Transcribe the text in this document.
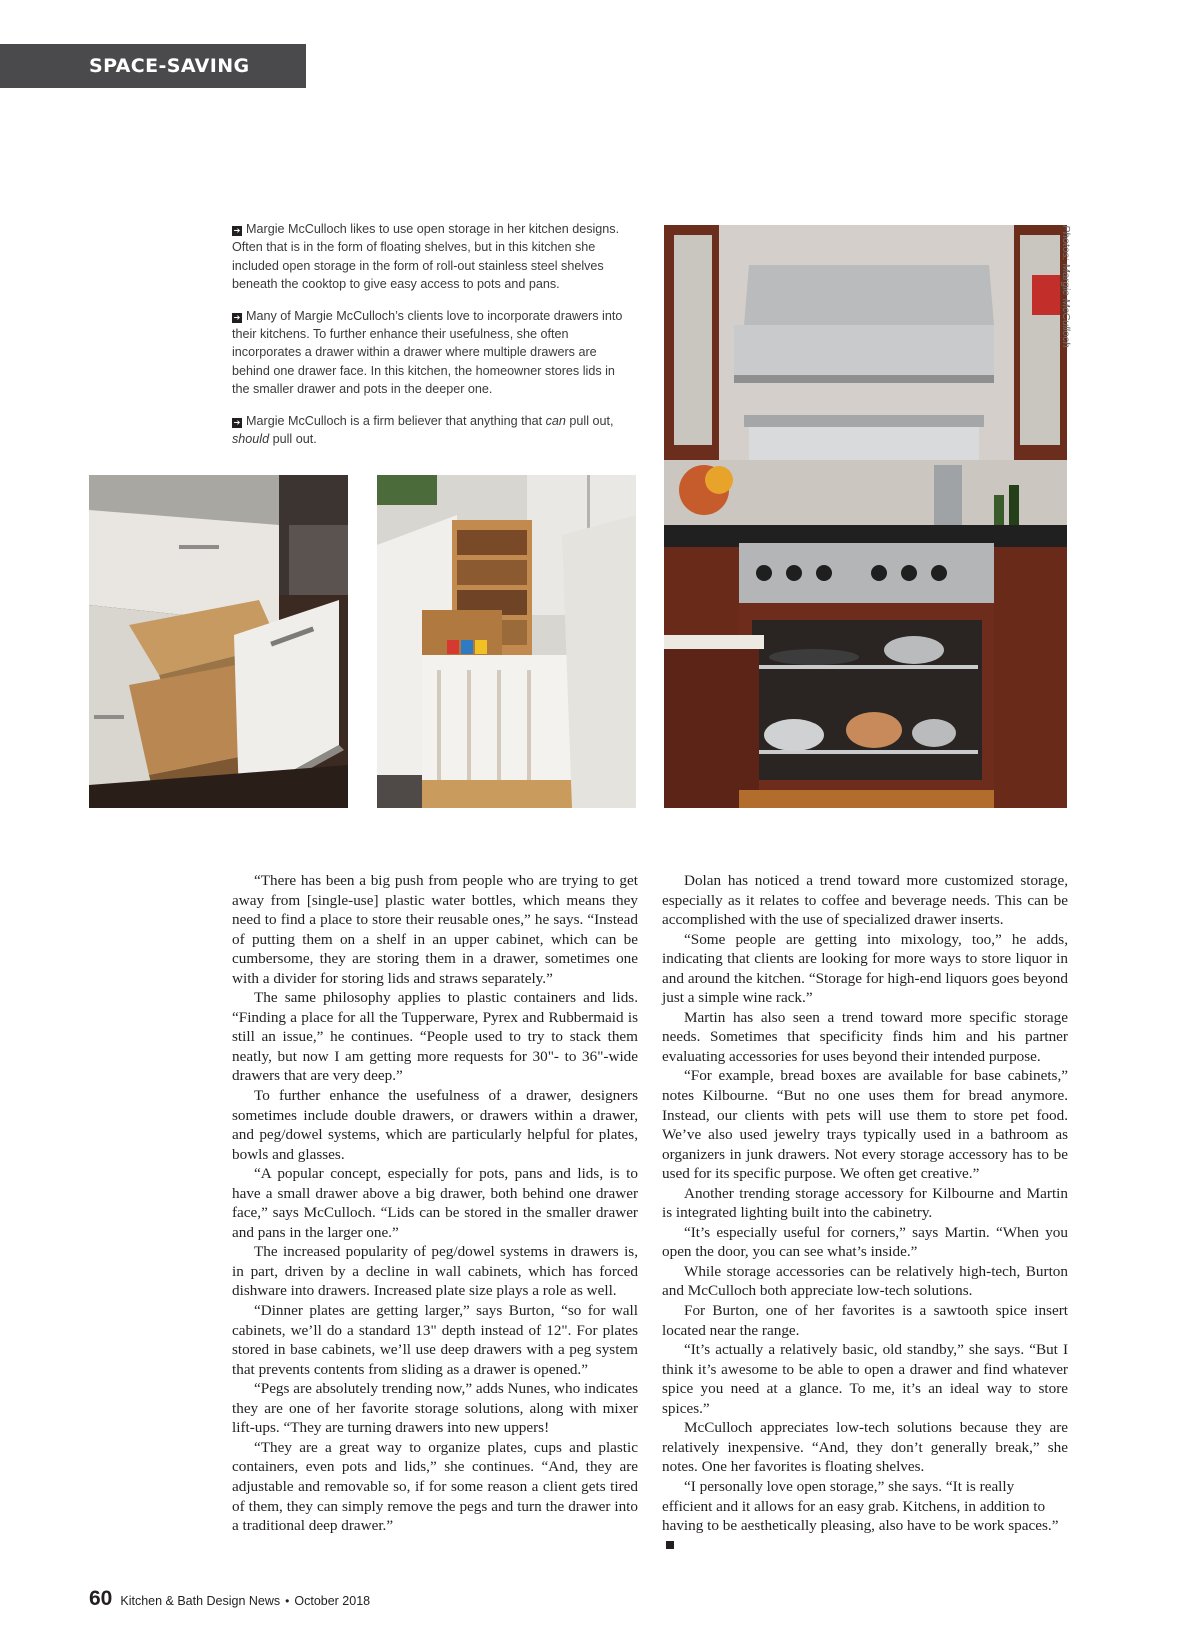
SPACE-SAVING IDEAS

➔ Margie McCulloch likes to use open storage in her kitchen designs. Often that is in the form of floating shelves, but in this kitchen she included open storage in the form of roll-out stainless steel shelves beneath the cooktop to give easy access to pots and pans.

➔ Many of Margie McCulloch’s clients love to incorporate drawers into their kitchens. To further enhance their usefulness, she often incorporates a drawer within a drawer where multiple drawers are behind one drawer face. In this kitchen, the homeowner stores lids in the smaller drawer and pots in the deeper one.

➔ Margie McCulloch is a firm believer that anything that can pull out, should pull out.

Photos: Margie McCulloch

“There has been a big push from people who are trying to get away from [single-use] plastic water bottles, which means they need to find a place to store their reusable ones,” he says. “Instead of putting them on a shelf in an upper cabinet, which can be cumbersome, they are storing them in a drawer, sometimes one with a divider for storing lids and straws separately.”

The same philosophy applies to plastic containers and lids. “Finding a place for all the Tupperware, Pyrex and Rubbermaid is still an issue,” he continues. “People used to try to stack them neatly, but now I am getting more requests for 30"- to 36"-wide drawers that are very deep.”

To further enhance the usefulness of a drawer, designers sometimes include double drawers, or drawers within a drawer, and peg/dowel systems, which are particularly helpful for plates, bowls and glasses.

“A popular concept, especially for pots, pans and lids, is to have a small drawer above a big drawer, both behind one drawer face,” says McCulloch. “Lids can be stored in the smaller drawer and pans in the larger one.”

The increased popularity of peg/dowel systems in drawers is, in part, driven by a decline in wall cabinets, which has forced dishware into drawers. Increased plate size plays a role as well.

“Dinner plates are getting larger,” says Burton, “so for wall cabinets, we’ll do a standard 13" depth instead of 12". For plates stored in base cabinets, we’ll use deep drawers with a peg system that prevents contents from sliding as a drawer is opened.”

“Pegs are absolutely trending now,” adds Nunes, who indicates they are one of her favorite storage solutions, along with mixer lift-ups. “They are turning drawers into new uppers!

“They are a great way to organize plates, cups and plastic containers, even pots and lids,” she continues. “And, they are adjustable and removable so, if for some reason a client gets tired of them, they can simply remove the pegs and turn the drawer into a traditional deep drawer.”

Dolan has noticed a trend toward more customized storage, especially as it relates to coffee and beverage needs. This can be accomplished with the use of specialized drawer inserts.

“Some people are getting into mixology, too,” he adds, indicating that clients are looking for more ways to store liquor in and around the kitchen. “Storage for high-end liquors goes beyond just a simple wine rack.”

Martin has also seen a trend toward more specific storage needs. Sometimes that specificity finds him and his partner evaluating accessories for uses beyond their intended purpose.

“For example, bread boxes are available for base cabinets,” notes Kilbourne. “But no one uses them for bread anymore. Instead, our clients with pets will use them to store pet food. We’ve also used jewelry trays typically used in a bathroom as organizers in junk drawers. Not every storage accessory has to be used for its specific purpose. We often get creative.”

Another trending storage accessory for Kilbourne and Martin is integrated lighting built into the cabinetry.

“It’s especially useful for corners,” says Martin. “When you open the door, you can see what’s inside.”

While storage accessories can be relatively high-tech, Burton and McCulloch both appreciate low-tech solutions.

For Burton, one of her favorites is a sawtooth spice insert located near the range.

“It’s actually a relatively basic, old standby,” she says. “But I think it’s awesome to be able to open a drawer and find whatever spice you need at a glance. To me, it’s an ideal way to store spices.”

McCulloch appreciates low-tech solutions because they are relatively inexpensive. “And, they don’t generally break,” she notes. One her favorites is floating shelves.

“I personally love open storage,” she says. “It is really efficient and it allows for an easy grab. Kitchens, in addition to having to be aesthetically pleasing, also have to be work spaces.”

60 Kitchen & Bath Design News • October 2018
